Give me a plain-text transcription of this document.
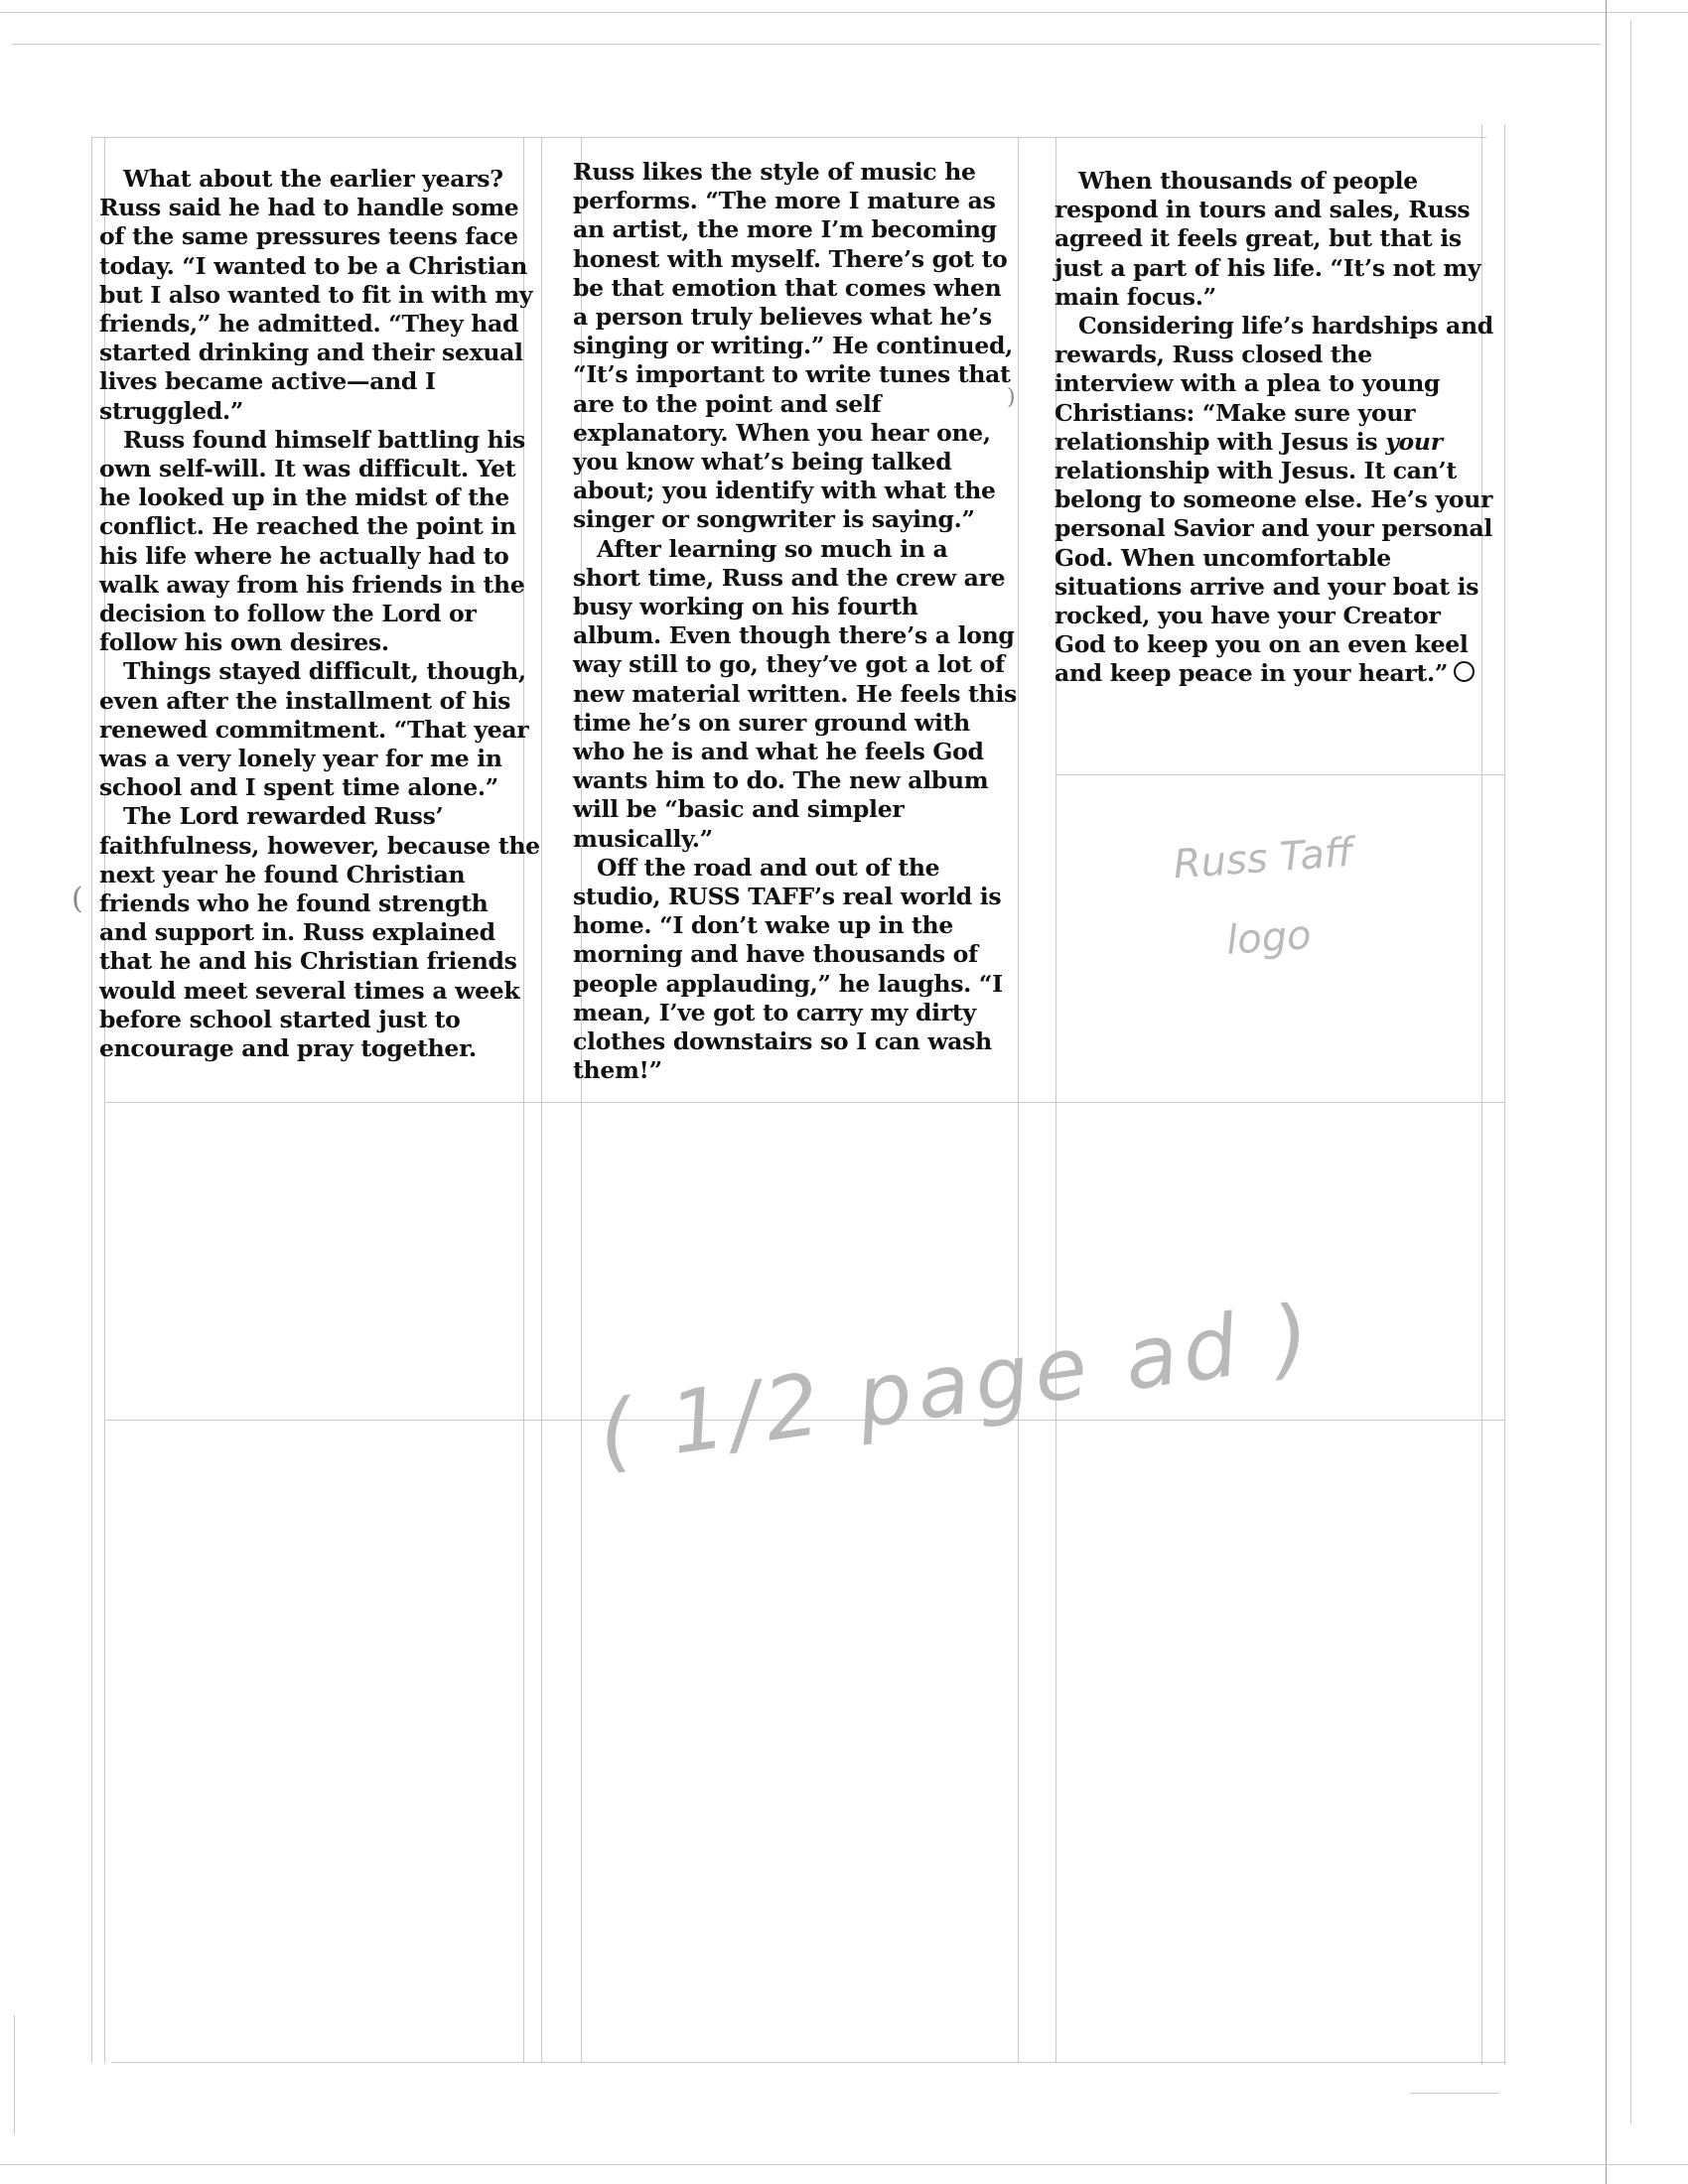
What about the earlier years?

Russ said he had to handle some

of the same pressures teens face

today. “I wanted to be a Christian

but I also wanted to fit in with my

friends,” he admitted. “They had

started drinking and their sexual

lives became active—and I

struggled.”

Russ found himself battling his

own self-will. It was difficult. Yet

he looked up in the midst of the

conflict. He reached the point in

his life where he actually had to

walk away from his friends in the

decision to follow the Lord or

follow his own desires.

Things stayed difficult, though,

even after the installment of his

renewed commitment. “That year

was a very lonely year for me in

school and I spent time alone.”

The Lord rewarded Russ’

faithfulness, however, because the

next year he found Christian

friends who he found strength

and support in. Russ explained

that he and his Christian friends

would meet several times a week

before school started just to

encourage and pray together.

Russ likes the style of music he

performs. “The more I mature as

an artist, the more I’m becoming

honest with myself. There’s got to

be that emotion that comes when

a person truly believes what he’s

singing or writing.” He continued,

“It’s important to write tunes that

are to the point and self

explanatory. When you hear one,

you know what’s being talked

about; you identify with what the

singer or songwriter is saying.”

After learning so much in a

short time, Russ and the crew are

busy working on his fourth

album. Even though there’s a long

way still to go, they’ve got a lot of

new material written. He feels this

time he’s on surer ground with

who he is and what he feels God

wants him to do. The new album

will be “basic and simpler

musically.”

Off the road and out of the

studio, RUSS TAFF’s real world is

home. “I don’t wake up in the

morning and have thousands of

people applauding,” he laughs. “I

mean, I’ve got to carry my dirty

clothes downstairs so I can wash

them!”

When thousands of people

respond in tours and sales, Russ

agreed it feels great, but that is

just a part of his life. “It’s not my

main focus.”

Considering life’s hardships and

rewards, Russ closed the

interview with a plea to young

Christians: “Make sure your

relationship with Jesus is your

relationship with Jesus. It can’t

belong to someone else. He’s your

personal Savior and your personal

God. When uncomfortable

situations arrive and your boat is

rocked, you have your Creator

God to keep you on an even keel

and keep peace in your heart.”

Russ Taff logo
( 1/2 page ad )
(
)
